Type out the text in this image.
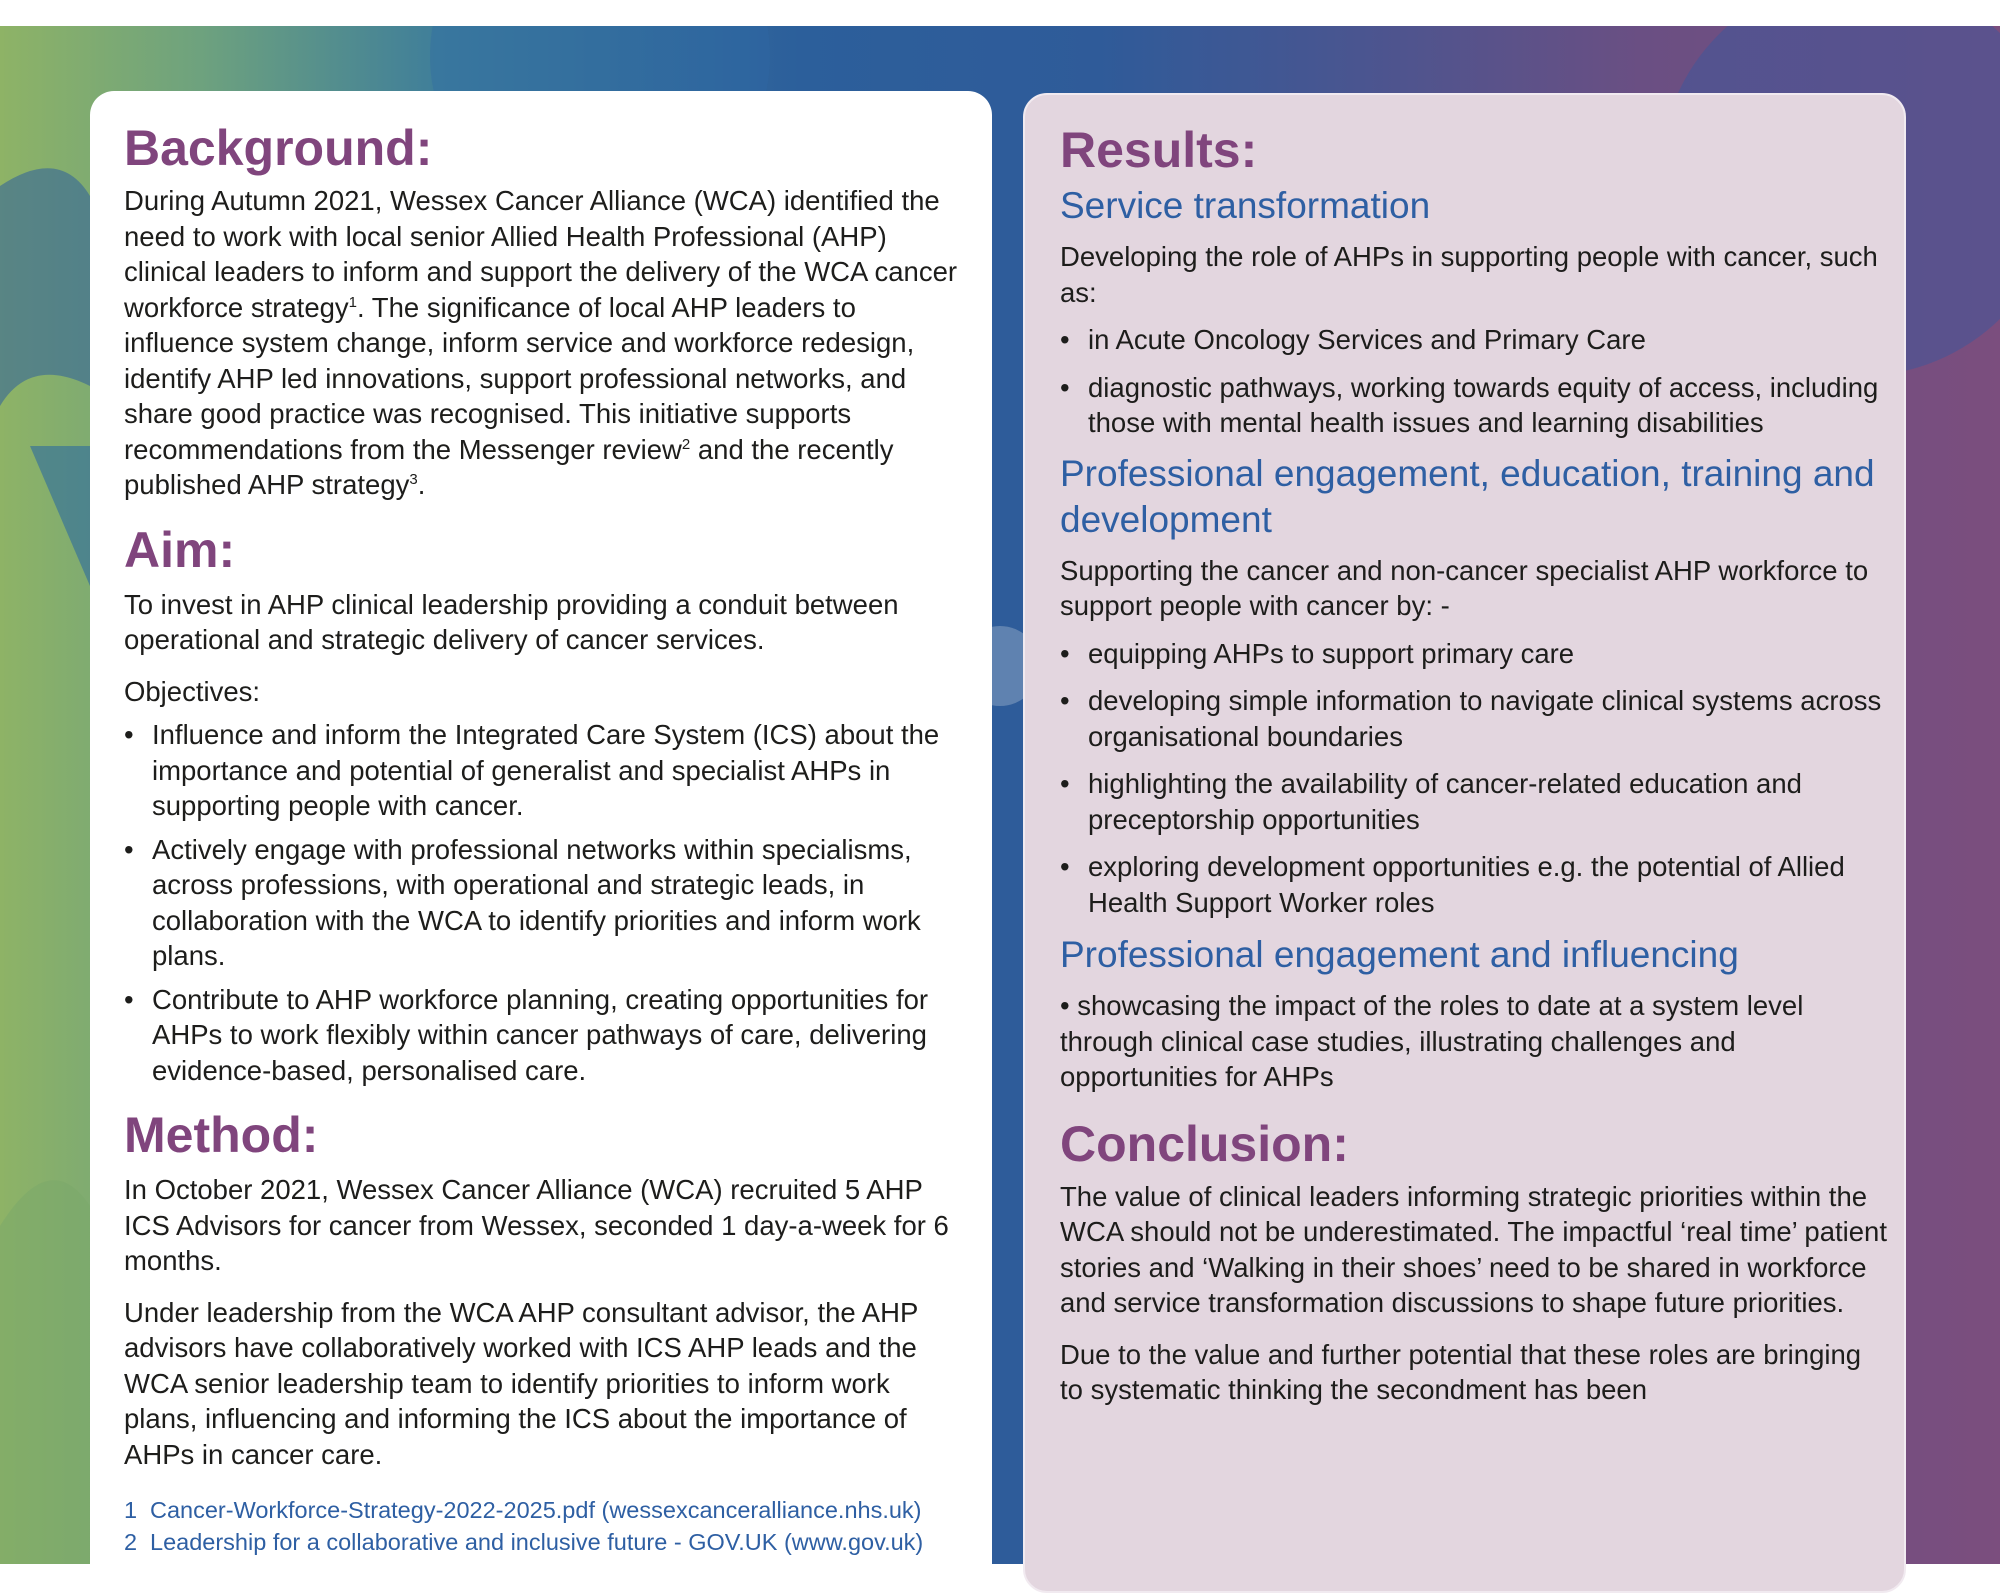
Background:

During Autumn 2021, Wessex Cancer Alliance (WCA) identified the need to work with local senior Allied Health Professional (AHP) clinical leaders to inform and support the delivery of the WCA cancer workforce strategy$^1$. The significance of local AHP leaders to influence system change, inform service and workforce redesign, identify AHP led innovations, support professional networks, and share good practice was recognised. This initiative supports recommendations from the Messenger review$^2$ and the recently published AHP strategy$^3$.

Aim:

To invest in AHP clinical leadership providing a conduit between operational and strategic delivery of cancer services.

Objectives:

• Influence and inform the Integrated Care System (ICS) about the importance and potential of generalist and specialist AHPs in supporting people with cancer.
• Actively engage with professional networks within specialisms, across professions, with operational and strategic leads, in collaboration with the WCA to identify priorities and inform work plans.
• Contribute to AHP workforce planning, creating opportunities for AHPs to work flexibly within cancer pathways of care, delivering evidence-based, personalised care.
Method:

In October 2021, Wessex Cancer Alliance (WCA) recruited 5 AHP ICS Advisors for cancer from Wessex, seconded 1 day-a-week for 6 months.

Under leadership from the WCA AHP consultant advisor, the AHP advisors have collaboratively worked with ICS AHP leads and the WCA senior leadership team to identify priorities to inform work plans, influencing and informing the ICS about the importance of AHPs in cancer care.

1 Cancer-Workforce-Strategy-2022-2025.pdf (wessexcanceralliance.nhs.uk)
2 Leadership for a collaborative and inclusive future - GOV.UK (www.gov.uk)
Results:
Service transformation

Developing the role of AHPs in supporting people with cancer, such as:

• in Acute Oncology Services and Primary Care
• diagnostic pathways, working towards equity of access, including those with mental health issues and learning disabilities
Professional engagement, education, training and development

Supporting the cancer and non-cancer specialist AHP workforce to support people with cancer by: -

• equipping AHPs to support primary care
• developing simple information to navigate clinical systems across organisational boundaries
• highlighting the availability of cancer-related education and preceptorship opportunities
• exploring development opportunities e.g. the potential of Allied Health Support Worker roles
Professional engagement and influencing

• showcasing the impact of the roles to date at a system level through clinical case studies, illustrating challenges and opportunities for AHPs

Conclusion:

The value of clinical leaders informing strategic priorities within the WCA should not be underestimated. The impactful ‘real time’ patient stories and ‘Walking in their shoes’ need to be shared in workforce and service transformation discussions to shape future priorities.

Due to the value and further potential that these roles are bringing to systematic thinking the secondment has been
